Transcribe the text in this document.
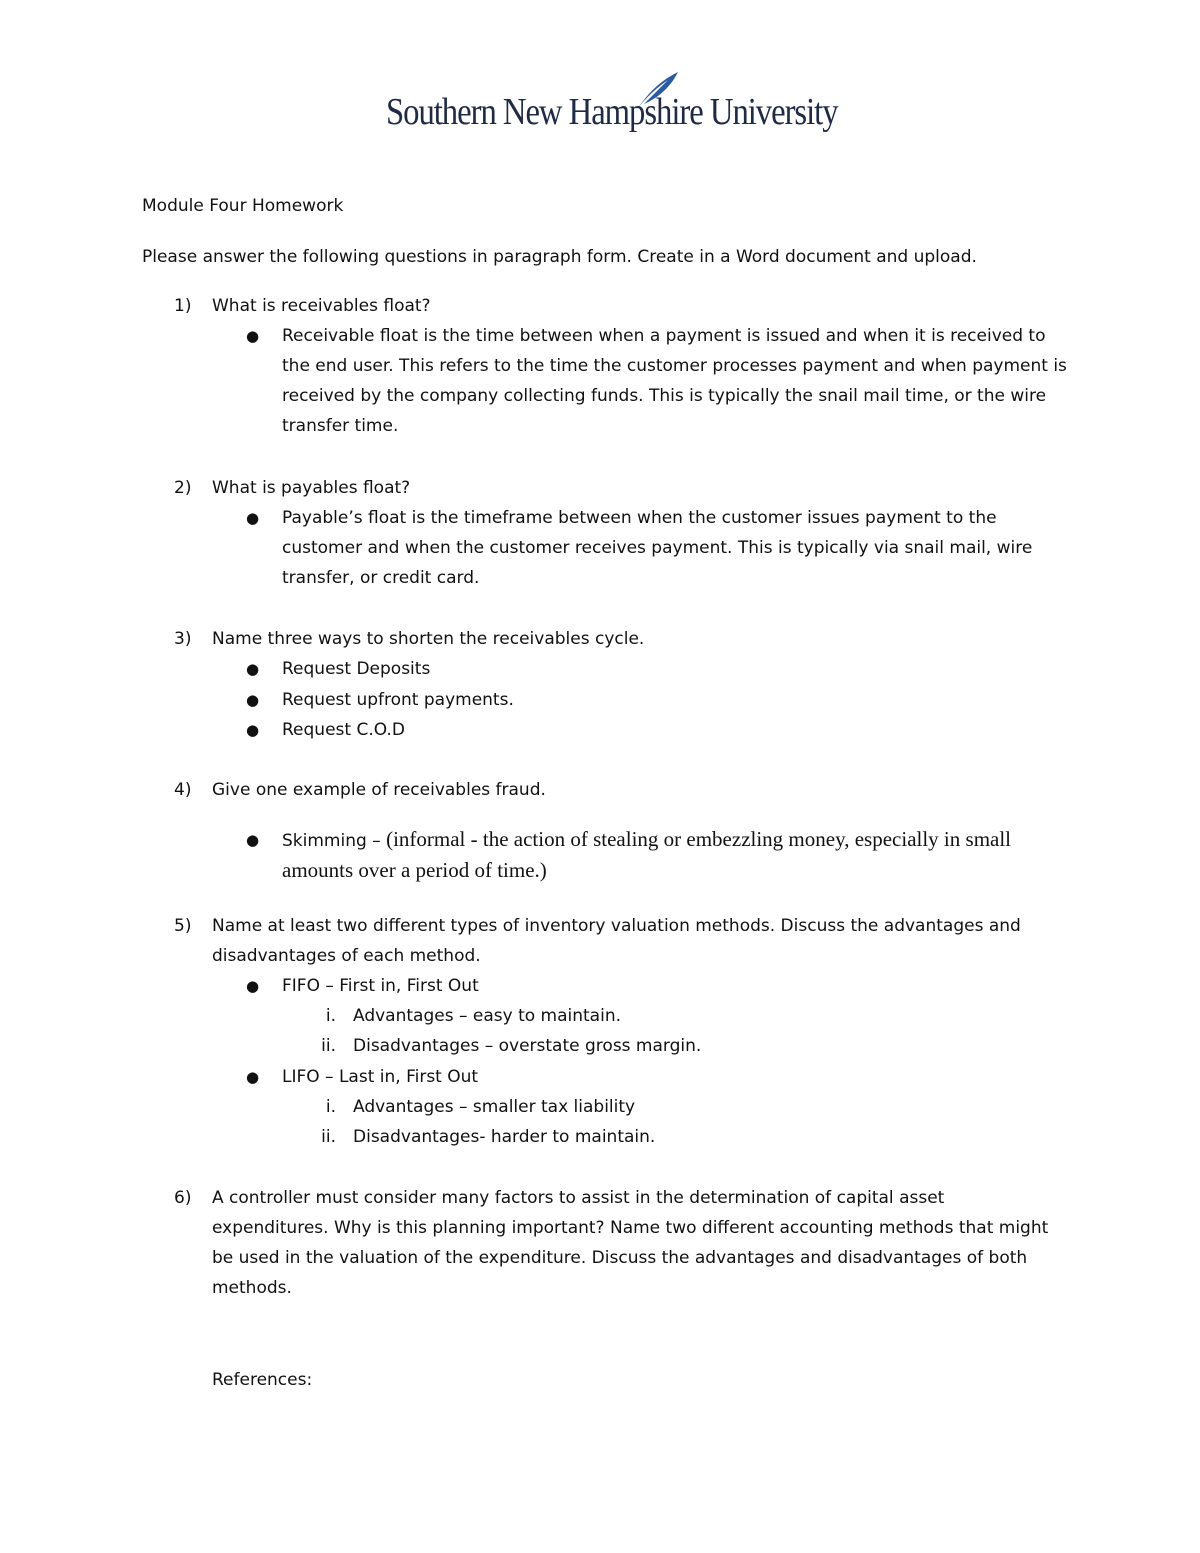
Southern New Hampshire University
Module Four Homework
Please answer the following questions in paragraph form. Create in a Word document and upload.
1)	What is receivables float?
● Receivable float is the time between when a payment is issued and when it is received to the end user. This refers to the time the customer processes payment and when payment is received by the company collecting funds. This is typically the snail mail time, or the wire transfer time.
2)	What is payables float?
● Payable’s float is the timeframe between when the customer issues payment to the customer and when the customer receives payment. This is typically via snail mail, wire transfer, or credit card.
3)	Name three ways to shorten the receivables cycle.
● Request Deposits
● Request upfront payments.
● Request C.O.D
4)	Give one example of receivables fraud.
● Skimming – (informal - the action of stealing or embezzling money, especially in small amounts over a period of time.)
5)	Name at least two different types of inventory valuation methods. Discuss the advantages and disadvantages of each method.
● FIFO – First in, First Out
i. Advantages – easy to maintain.
ii. Disadvantages – overstate gross margin.
● LIFO – Last in, First Out
i. Advantages – smaller tax liability
ii. Disadvantages- harder to maintain.
6)	A controller must consider many factors to assist in the determination of capital asset expenditures. Why is this planning important? Name two different accounting methods that might be used in the valuation of the expenditure. Discuss the advantages and disadvantages of both methods.
References:
